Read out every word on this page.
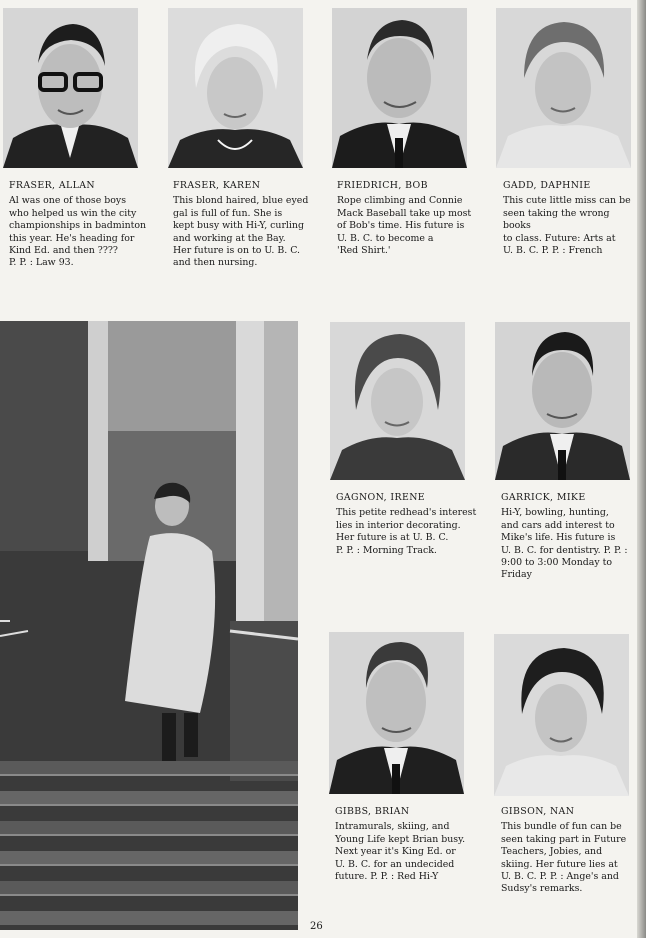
FRASER, ALLAN
Al was one of those boys
who helped us win the city
championships in badminton
this year. He's heading for
Kind Ed. and then ????
P. P. : Law 93.
FRASER, KAREN
This blond haired, blue eyed
gal is full of fun. She is
kept busy with Hi-Y, curling
and working at the Bay.
Her future is on to U. B. C.
and then nursing.
FRIEDRICH, BOB
Rope climbing and Connie
Mack Baseball take up most
of Bob's time. His future is
U. B. C. to become a
'Red Shirt.'
GADD, DAPHNIE
This cute little miss can be
seen taking the wrong books
to class. Future: Arts at
U. B. C. P. P. : French
GAGNON, IRENE
This petite redhead's interest
lies in interior decorating.
Her future is at U. B. C.
P. P. : Morning Track.
GARRICK, MIKE
Hi-Y, bowling, hunting,
and cars add interest to
Mike's life. His future is
U. B. C. for dentistry. P. P. :
9:00 to 3:00 Monday to
Friday
GIBBS, BRIAN
Intramurals, skiing, and
Young Life kept Brian busy.
Next year it's King Ed. or
U. B. C. for an undecided
future. P. P. : Red Hi-Y
GIBSON, NAN
This bundle of fun can be
seen taking part in Future
Teachers, Jobies, and
skiing. Her future lies at
U. B. C. P. P. : Ange's and
Sudsy's remarks.
26
